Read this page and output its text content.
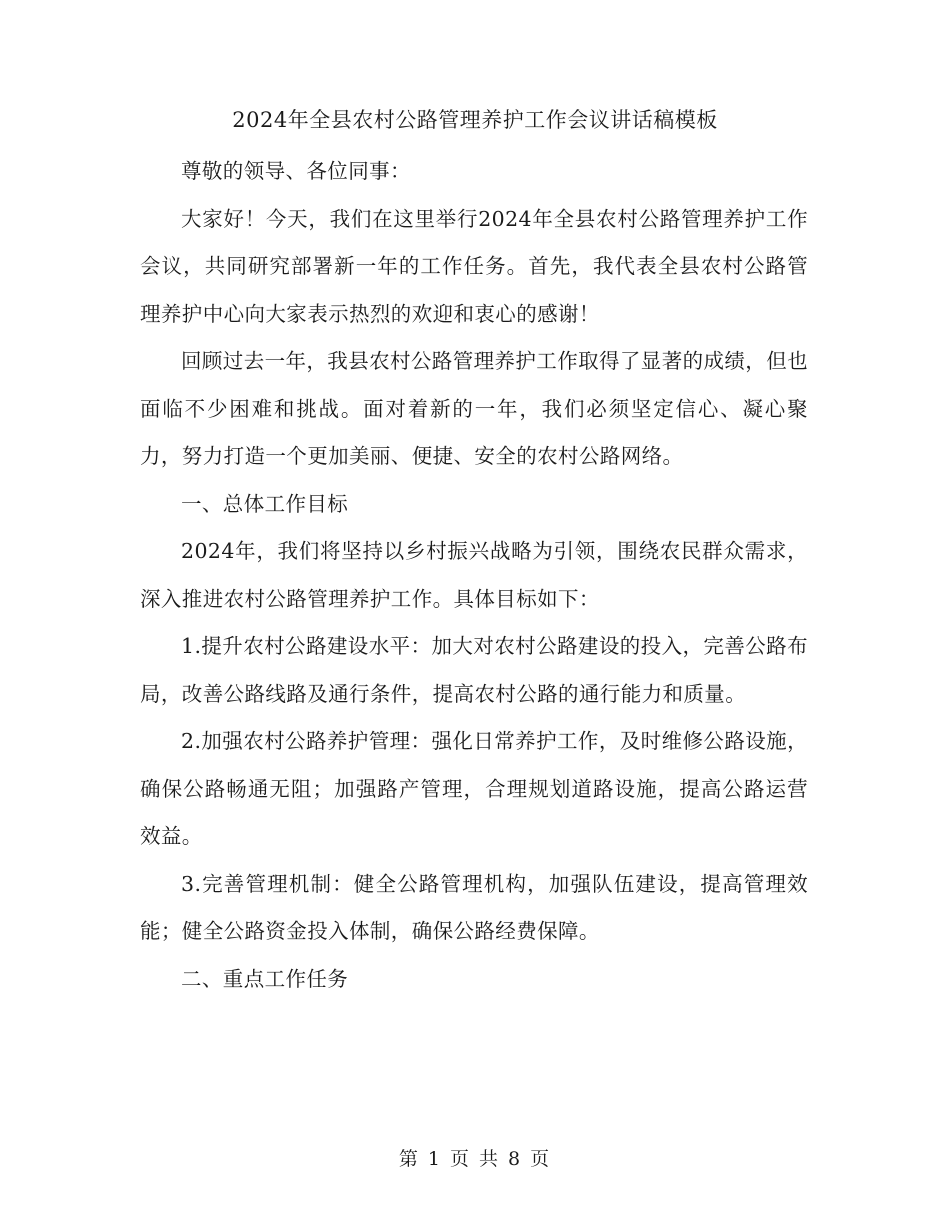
2024年全县农村公路管理养护工作会议讲话稿模板

尊敬的领导、各位同事：

大家好！今天，我们在这里举行2024年全县农村公路管理养护工作会议，共同研究部署新一年的工作任务。首先，我代表全县农村公路管理养护中心向大家表示热烈的欢迎和衷心的感谢！

回顾过去一年，我县农村公路管理养护工作取得了显著的成绩，但也面临不少困难和挑战。面对着新的一年，我们必须坚定信心、凝心聚力，努力打造一个更加美丽、便捷、安全的农村公路网络。

一、总体工作目标

2024年，我们将坚持以乡村振兴战略为引领，围绕农民群众需求，深入推进农村公路管理养护工作。具体目标如下：

1.提升农村公路建设水平：加大对农村公路建设的投入，完善公路布局，改善公路线路及通行条件，提高农村公路的通行能力和质量。

2.加强农村公路养护管理：强化日常养护工作，及时维修公路设施，确保公路畅通无阻；加强路产管理，合理规划道路设施，提高公路运营效益。

3.完善管理机制：健全公路管理机构，加强队伍建设，提高管理效能；健全公路资金投入体制，确保公路经费保障。

二、重点工作任务

第 1 页 共 8 页
